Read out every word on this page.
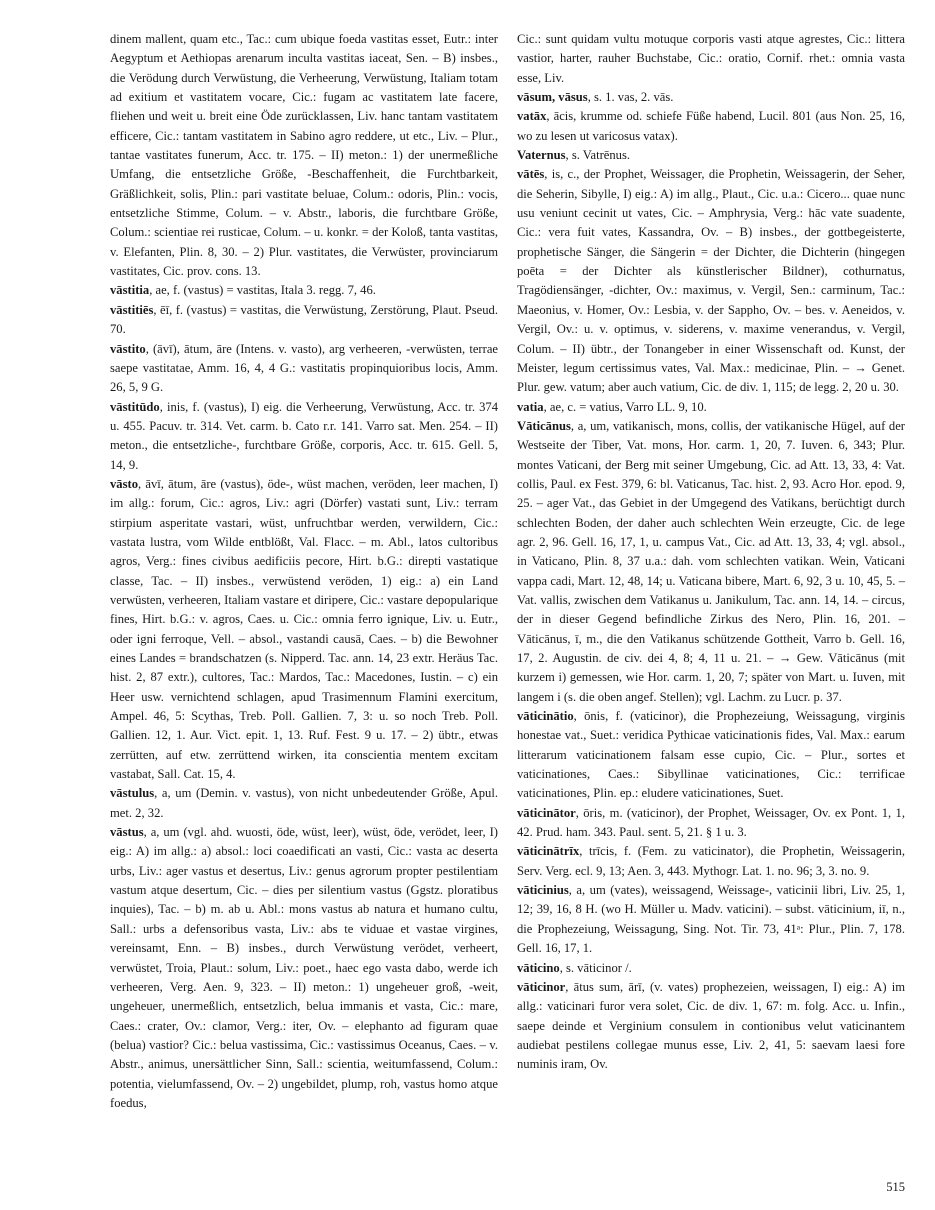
dinem mallent, quam etc., Tac.: cum ubique foeda vastitas esset, Eutr.: inter Aegyptum et Aethiopas arenarum inculta vastitas iaceat, Sen. – B) insbes., die Verödung durch Verwüstung, die Verheerung, Verwüstung, Italiam totam ad exitium et vastitatem vocare, Cic.: fugam ac vastitatem late facere, fliehen und weit u. breit eine Öde zurücklassen, Liv. hanc tantam vastitatem efficere, Cic.: tantam vastitatem in Sabino agro reddere, ut etc., Liv. – Plur., tantae vastitates funerum, Acc. tr. 175. – II) meton.: 1) der unermeßliche Umfang, die entsetzliche Größe, -Beschaffenheit, die Furchtbarkeit, Gräßlichkeit, solis, Plin.: pari vastitate beluae, Colum.: odoris, Plin.: vocis, entsetzliche Stimme, Colum. – v. Abstr., laboris, die furchtbare Größe, Colum.: scientiae rei rusticae, Colum. – u. konkr. = der Koloß, tanta vastitas, v. Elefanten, Plin. 8, 30. – 2) Plur. vastitates, die Verwüster, provinciarum vastitates, Cic. prov. cons. 13.

vāstitia, ae, f. (vastus) = vastitas, Itala 3. regg. 7, 46.

vāstitiēs, ēī, f. (vastus) = vastitas, die Verwüstung, Zerstörung, Plaut. Pseud. 70.

vāstito, (āvī), ātum, āre (Intens. v. vasto), arg verheeren, -verwüsten, terrae saepe vastitatae, Amm. 16, 4, 4 G.: vastitatis propinquioribus locis, Amm. 26, 5, 9 G.

vāstitūdo, inis, f. (vastus), I) eig. die Verheerung, Verwüstung, Acc. tr. 374 u. 455. Pacuv. tr. 314. Vet. carm. b. Cato r.r. 141. Varro sat. Men. 254. – II) meton., die entsetzliche-, furchtbare Größe, corporis, Acc. tr. 615. Gell. 5, 14, 9.

vāsto, āvī, ātum, āre (vastus), öde-, wüst machen, veröden, leer machen, I) im allg.: forum, Cic.: agros, Liv.: agri (Dörfer) vastati sunt, Liv.: terram stirpium asperitate vastari, wüst, unfruchtbar werden, verwildern, Cic.: vastata lustra, vom Wilde entblößt, Val. Flacc. – m. Abl., latos cultoribus agros, Verg.: fines civibus aedificiis pecore, Hirt. b.G.: direpti vastatique classe, Tac. – II) insbes., verwüstend veröden, 1) eig.: a) ein Land verwüsten, verheeren, Italiam vastare et diripere, Cic.: vastare depopularique fines, Hirt. b.G.: v. agros, Caes. u. Cic.: omnia ferro ignique, Liv. u. Eutr., oder igni ferroque, Vell. – absol., vastandi causā, Caes. – b) die Bewohner eines Landes = brandschatzen (s. Nipperd. Tac. ann. 14, 23 extr. Heräus Tac. hist. 2, 87 extr.), cultores, Tac.: Mardos, Tac.: Macedones, Iustin. – c) ein Heer usw. vernichtend schlagen, apud Trasimennum Flamini exercitum, Ampel. 46, 5: Scythas, Treb. Poll. Gallien. 7, 3: u. so noch Treb. Poll. Gallien. 12, 1. Aur. Vict. epit. 1, 13. Ruf. Fest. 9 u. 17. – 2) übtr., etwas zerrütten, auf etw. zerrüttend wirken, ita conscientia mentem excitam vastabat, Sall. Cat. 15, 4.

vāstulus, a, um (Demin. v. vastus), von nicht unbedeutender Größe, Apul. met. 2, 32.

vāstus, a, um (vgl. ahd. wuosti, öde, wüst, leer), wüst, öde, verödet, leer, I) eig.: A) im allg.: a) absol.: loci coaedificati an vasti, Cic.: vasta ac deserta urbs, Liv.: ager vastus et desertus, Liv.: genus agrorum propter pestilentiam vastum atque desertum, Cic. – dies per silentium vastus (Ggstz. ploratibus inquies), Tac. – b) m. ab u. Abl.: mons vastus ab natura et humano cultu, Sall.: urbs a defensoribus vasta, Liv.: abs te viduae et vastae virgines, vereinsamt, Enn. – B) insbes., durch Verwüstung verödet, verheert, verwüstet, Troia, Plaut.: solum, Liv.: poet., haec ego vasta dabo, werde ich verheeren, Verg. Aen. 9, 323. – II) meton.: 1) ungeheuer groß, -weit, ungeheuer, unermeßlich, entsetzlich, belua immanis et vasta, Cic.: mare, Caes.: crater, Ov.: clamor, Verg.: iter, Ov. – elephanto ad figuram quae (belua) vastior? Cic.: belua vastissima, Cic.: vastissimus Oceanus, Caes. – v. Abstr., animus, unersättlicher Sinn, Sall.: scientia, weitumfassend, Colum.: potentia, vielumfassend, Ov. – 2) ungebildet, plump, roh, vastus homo atque foedus,

Cic.: sunt quidam vultu motuque corporis vasti atque agrestes, Cic.: littera vastior, harter, rauher Buchstabe, Cic.: oratio, Cornif. rhet.: omnia vasta esse, Liv.

vāsum, vāsus, s. 1. vas, 2. vās.

vatāx, ācis, krumme od. schiefe Füße habend, Lucil. 801 (aus Non. 25, 16, wo zu lesen ut varicosus vatax).

Vaternus, s. Vatrēnus.

vātēs, is, c., der Prophet, Weissager, die Prophetin, Weissagerin, der Seher, die Seherin, Sibylle, I) eig.: A) im allg., Plaut., Cic. u.a.: Cicero... quae nunc usu veniunt cecinit ut vates, Cic. – Amphrysia, Verg.: hāc vate suadente, Cic.: vera fuit vates, Kassandra, Ov. – B) insbes., der gottbegeisterte, prophetische Sänger, die Sängerin = der Dichter, die Dichterin (hingegen poēta = der Dichter als künstlerischer Bildner), cothurnatus, Tragödiensänger, -dichter, Ov.: maximus, v. Vergil, Sen.: carminum, Tac.: Maeonius, v. Homer, Ov.: Lesbia, v. der Sappho, Ov. – bes. v. Aeneidos, v. Vergil, Ov.: u. v. optimus, v. siderens, v. maxime venerandus, v. Vergil, Colum. – II) übtr., der Tonangeber in einer Wissenschaft od. Kunst, der Meister, legum certissimus vates, Val. Max.: medicinae, Plin. – → Genet. Plur. gew. vatum; aber auch vatium, Cic. de div. 1, 115; de legg. 2, 20 u. 30.

vatia, ae, c. = vatius, Varro LL. 9, 10.

Vāticānus, a, um, vatikanisch, mons, collis, der vatikanische Hügel, auf der Westseite der Tiber, Vat. mons, Hor. carm. 1, 20, 7. Iuven. 6, 343; Plur. montes Vaticani, der Berg mit seiner Umgebung, Cic. ad Att. 13, 33, 4: Vat. collis, Paul. ex Fest. 379, 6: bl. Vaticanus, Tac. hist. 2, 93. Acro Hor. epod. 9, 25. – ager Vat., das Gebiet in der Umgegend des Vatikans, berüchtigt durch schlechten Boden, der daher auch schlechten Wein erzeugte, Cic. de lege agr. 2, 96. Gell. 16, 17, 1, u. campus Vat., Cic. ad Att. 13, 33, 4; vgl. absol., in Vaticano, Plin. 8, 37 u.a.: dah. vom schlechten vatikan. Wein, Vaticani vappa cadi, Mart. 12, 48, 14; u. Vaticana bibere, Mart. 6, 92, 3 u. 10, 45, 5. – Vat. vallis, zwischen dem Vatikanus u. Janikulum, Tac. ann. 14, 14. – circus, der in dieser Gegend befindliche Zirkus des Nero, Plin. 16, 201. – Vāticānus, ī, m., die den Vatikanus schützende Gottheit, Varro b. Gell. 16, 17, 2. Augustin. de civ. dei 4, 8; 4, 11 u. 21. – → Gew. Vāticānus (mit kurzem i) gemessen, wie Hor. carm. 1, 20, 7; später von Mart. u. Iuven, mit langem i (s. die oben angef. Stellen); vgl. Lachm. zu Lucr. p. 37.

vāticinātio, ōnis, f. (vaticinor), die Prophezeiung, Weissagung, virginis honestae vat., Suet.: veridica Pythicae vaticinationis fides, Val. Max.: earum litterarum vaticinationem falsam esse cupio, Cic. – Plur., sortes et vaticinationes, Caes.: Sibyllinae vaticinationes, Cic.: terrificae vaticinationes, Plin. ep.: eludere vaticinationes, Suet.

vāticinātor, ōris, m. (vaticinor), der Prophet, Weissager, Ov. ex Pont. 1, 1, 42. Prud. ham. 343. Paul. sent. 5, 21. § 1 u. 3.

vāticinātrīx, trīcis, f. (Fem. zu vaticinator), die Prophetin, Weissagerin, Serv. Verg. ecl. 9, 13; Aen. 3, 443. Mythogr. Lat. 1. no. 96; 3, 3. no. 9.

vāticinius, a, um (vates), weissagend, Weissage-, vaticinii libri, Liv. 25, 1, 12; 39, 16, 8 H. (wo H. Müller u. Madv. vaticini). – subst. vāticinium, iī, n., die Prophezeiung, Weissagung, Sing. Not. Tir. 73, 41ᵃ: Plur., Plin. 7, 178. Gell. 16, 17, 1.

vāticino, s. vāticinor /.

vāticinor, ātus sum, ārī, (v. vates) prophezeien, weissagen, I) eig.: A) im allg.: vaticinari furor vera solet, Cic. de div. 1, 67: m. folg. Acc. u. Infin., saepe deinde et Verginium consulem in contionibus velut vaticinantem audiebat pestilens collegae munus esse, Liv. 2, 41, 5: saevam laesi fore numinis iram, Ov.

515
